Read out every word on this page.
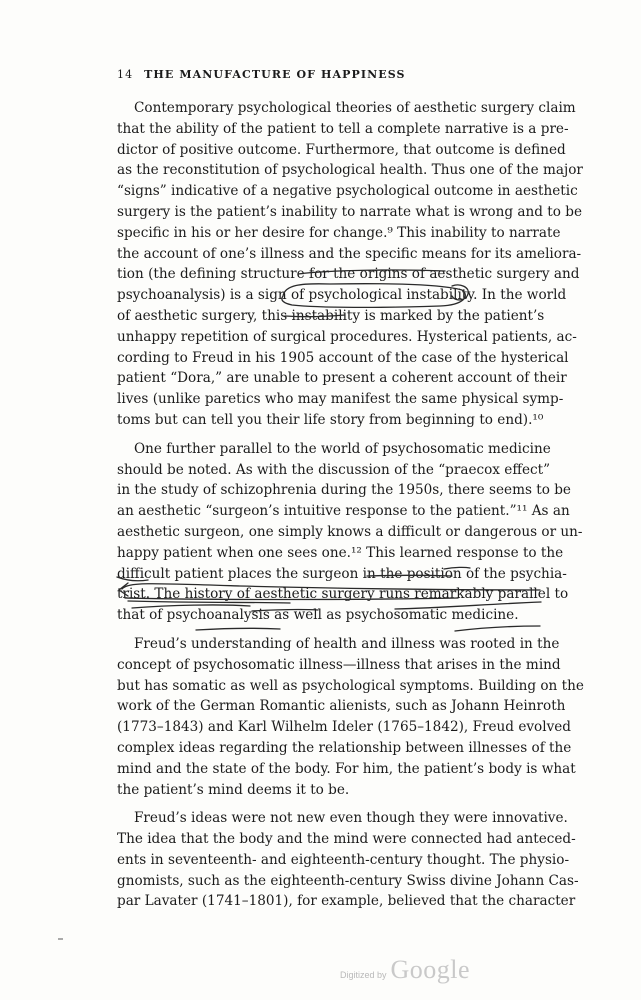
14 THE MANUFACTURE OF HAPPINESS
Contemporary psychological theories of aesthetic surgery claim
that the ability of the patient to tell a complete narrative is a pre-
dictor of positive outcome. Furthermore, that outcome is defined
as the reconstitution of psychological health. Thus one of the major
“signs” indicative of a negative psychological outcome in aesthetic
surgery is the patient’s inability to narrate what is wrong and to be
specific in his or her desire for change.⁹ This inability to narrate
the account of one’s illness and the specific means for its ameliora-
tion (the defining structure for the origins of aesthetic surgery and
psychoanalysis) is a sign of psychological instability. In the world
of aesthetic surgery, this instability is marked by the patient’s
unhappy repetition of surgical procedures. Hysterical patients, ac-
cording to Freud in his 1905 account of the case of the hysterical
patient “Dora,” are unable to present a coherent account of their
lives (unlike paretics who may manifest the same physical symp-
toms but can tell you their life story from beginning to end).¹⁰
One further parallel to the world of psychosomatic medicine
should be noted. As with the discussion of the “praecox effect”
in the study of schizophrenia during the 1950s, there seems to be
an aesthetic “surgeon’s intuitive response to the patient.”¹¹ As an
aesthetic surgeon, one simply knows a difficult or dangerous or un-
happy patient when one sees one.¹² This learned response to the
difficult patient places the surgeon in the position of the psychia-
trist. The history of aesthetic surgery runs remarkably parallel to
that of psychoanalysis as well as psychosomatic medicine.
Freud’s understanding of health and illness was rooted in the
concept of psychosomatic illness—illness that arises in the mind
but has somatic as well as psychological symptoms. Building on the
work of the German Romantic alienists, such as Johann Heinroth
(1773–1843) and Karl Wilhelm Ideler (1765–1842), Freud evolved
complex ideas regarding the relationship between illnesses of the
mind and the state of the body. For him, the patient’s body is what
the patient’s mind deems it to be.
Freud’s ideas were not new even though they were innovative.
The idea that the body and the mind were connected had anteced-
ents in seventeenth- and eighteenth-century thought. The physio-
gnomists, such as the eighteenth-century Swiss divine Johann Cas-
par Lavater (1741–1801), for example, believed that the character
Digitized by Google
